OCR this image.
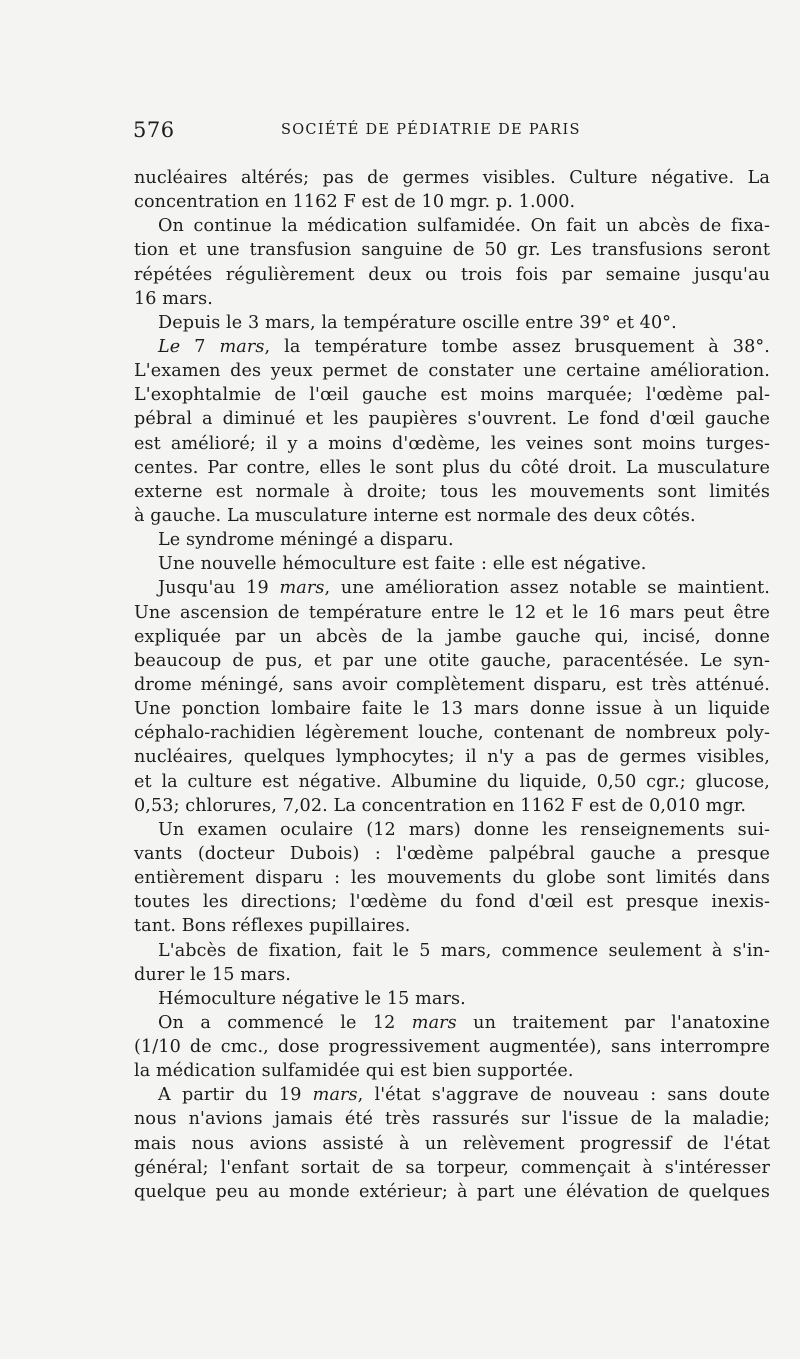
576	SOCIÉTÉ DE PÉDIATRIE DE PARIS
nucléaires altérés; pas de germes visibles. Culture négative. La
concentration en 1162 F est de 10 mgr. p. 1.000.
On continue la médication sulfamidée. On fait un abcès de fixa-
tion et une transfusion sanguine de 50 gr. Les transfusions seront
répétées régulièrement deux ou trois fois par semaine jusqu'au
16 mars.
Depuis le 3 mars, la température oscille entre 39° et 40°.
Le 7 mars, la température tombe assez brusquement à 38°.
L'examen des yeux permet de constater une certaine amélioration.
L'exophtalmie de l'œil gauche est moins marquée; l'œdème pal-
pébral a diminué et les paupières s'ouvrent. Le fond d'œil gauche
est amélioré; il y a moins d'œdème, les veines sont moins turges-
centes. Par contre, elles le sont plus du côté droit. La musculature
externe est normale à droite; tous les mouvements sont limités
à gauche. La musculature interne est normale des deux côtés.
Le syndrome méningé a disparu.
Une nouvelle hémoculture est faite : elle est négative.
Jusqu'au 19 mars, une amélioration assez notable se maintient.
Une ascension de température entre le 12 et le 16 mars peut être
expliquée par un abcès de la jambe gauche qui, incisé, donne
beaucoup de pus, et par une otite gauche, paracentésée. Le syn-
drome méningé, sans avoir complètement disparu, est très atténué.
Une ponction lombaire faite le 13 mars donne issue à un liquide
céphalo-rachidien légèrement louche, contenant de nombreux poly-
nucléaires, quelques lymphocytes; il n'y a pas de germes visibles,
et la culture est négative. Albumine du liquide, 0,50 cgr.; glucose,
0,53; chlorures, 7,02. La concentration en 1162 F est de 0,010 mgr.
Un examen oculaire (12 mars) donne les renseignements sui-
vants (docteur Dubois) : l'œdème palpébral gauche a presque
entièrement disparu : les mouvements du globe sont limités dans
toutes les directions; l'œdème du fond d'œil est presque inexis-
tant. Bons réflexes pupillaires.
L'abcès de fixation, fait le 5 mars, commence seulement à s'in-
durer le 15 mars.
Hémoculture négative le 15 mars.
On a commencé le 12 mars un traitement par l'anatoxine
(1/10 de cmc., dose progressivement augmentée), sans interrompre
la médication sulfamidée qui est bien supportée.
A partir du 19 mars, l'état s'aggrave de nouveau : sans doute
nous n'avions jamais été très rassurés sur l'issue de la maladie;
mais nous avions assisté à un relèvement progressif de l'état
général; l'enfant sortait de sa torpeur, commençait à s'intéresser
quelque peu au monde extérieur; à part une élévation de quelques
